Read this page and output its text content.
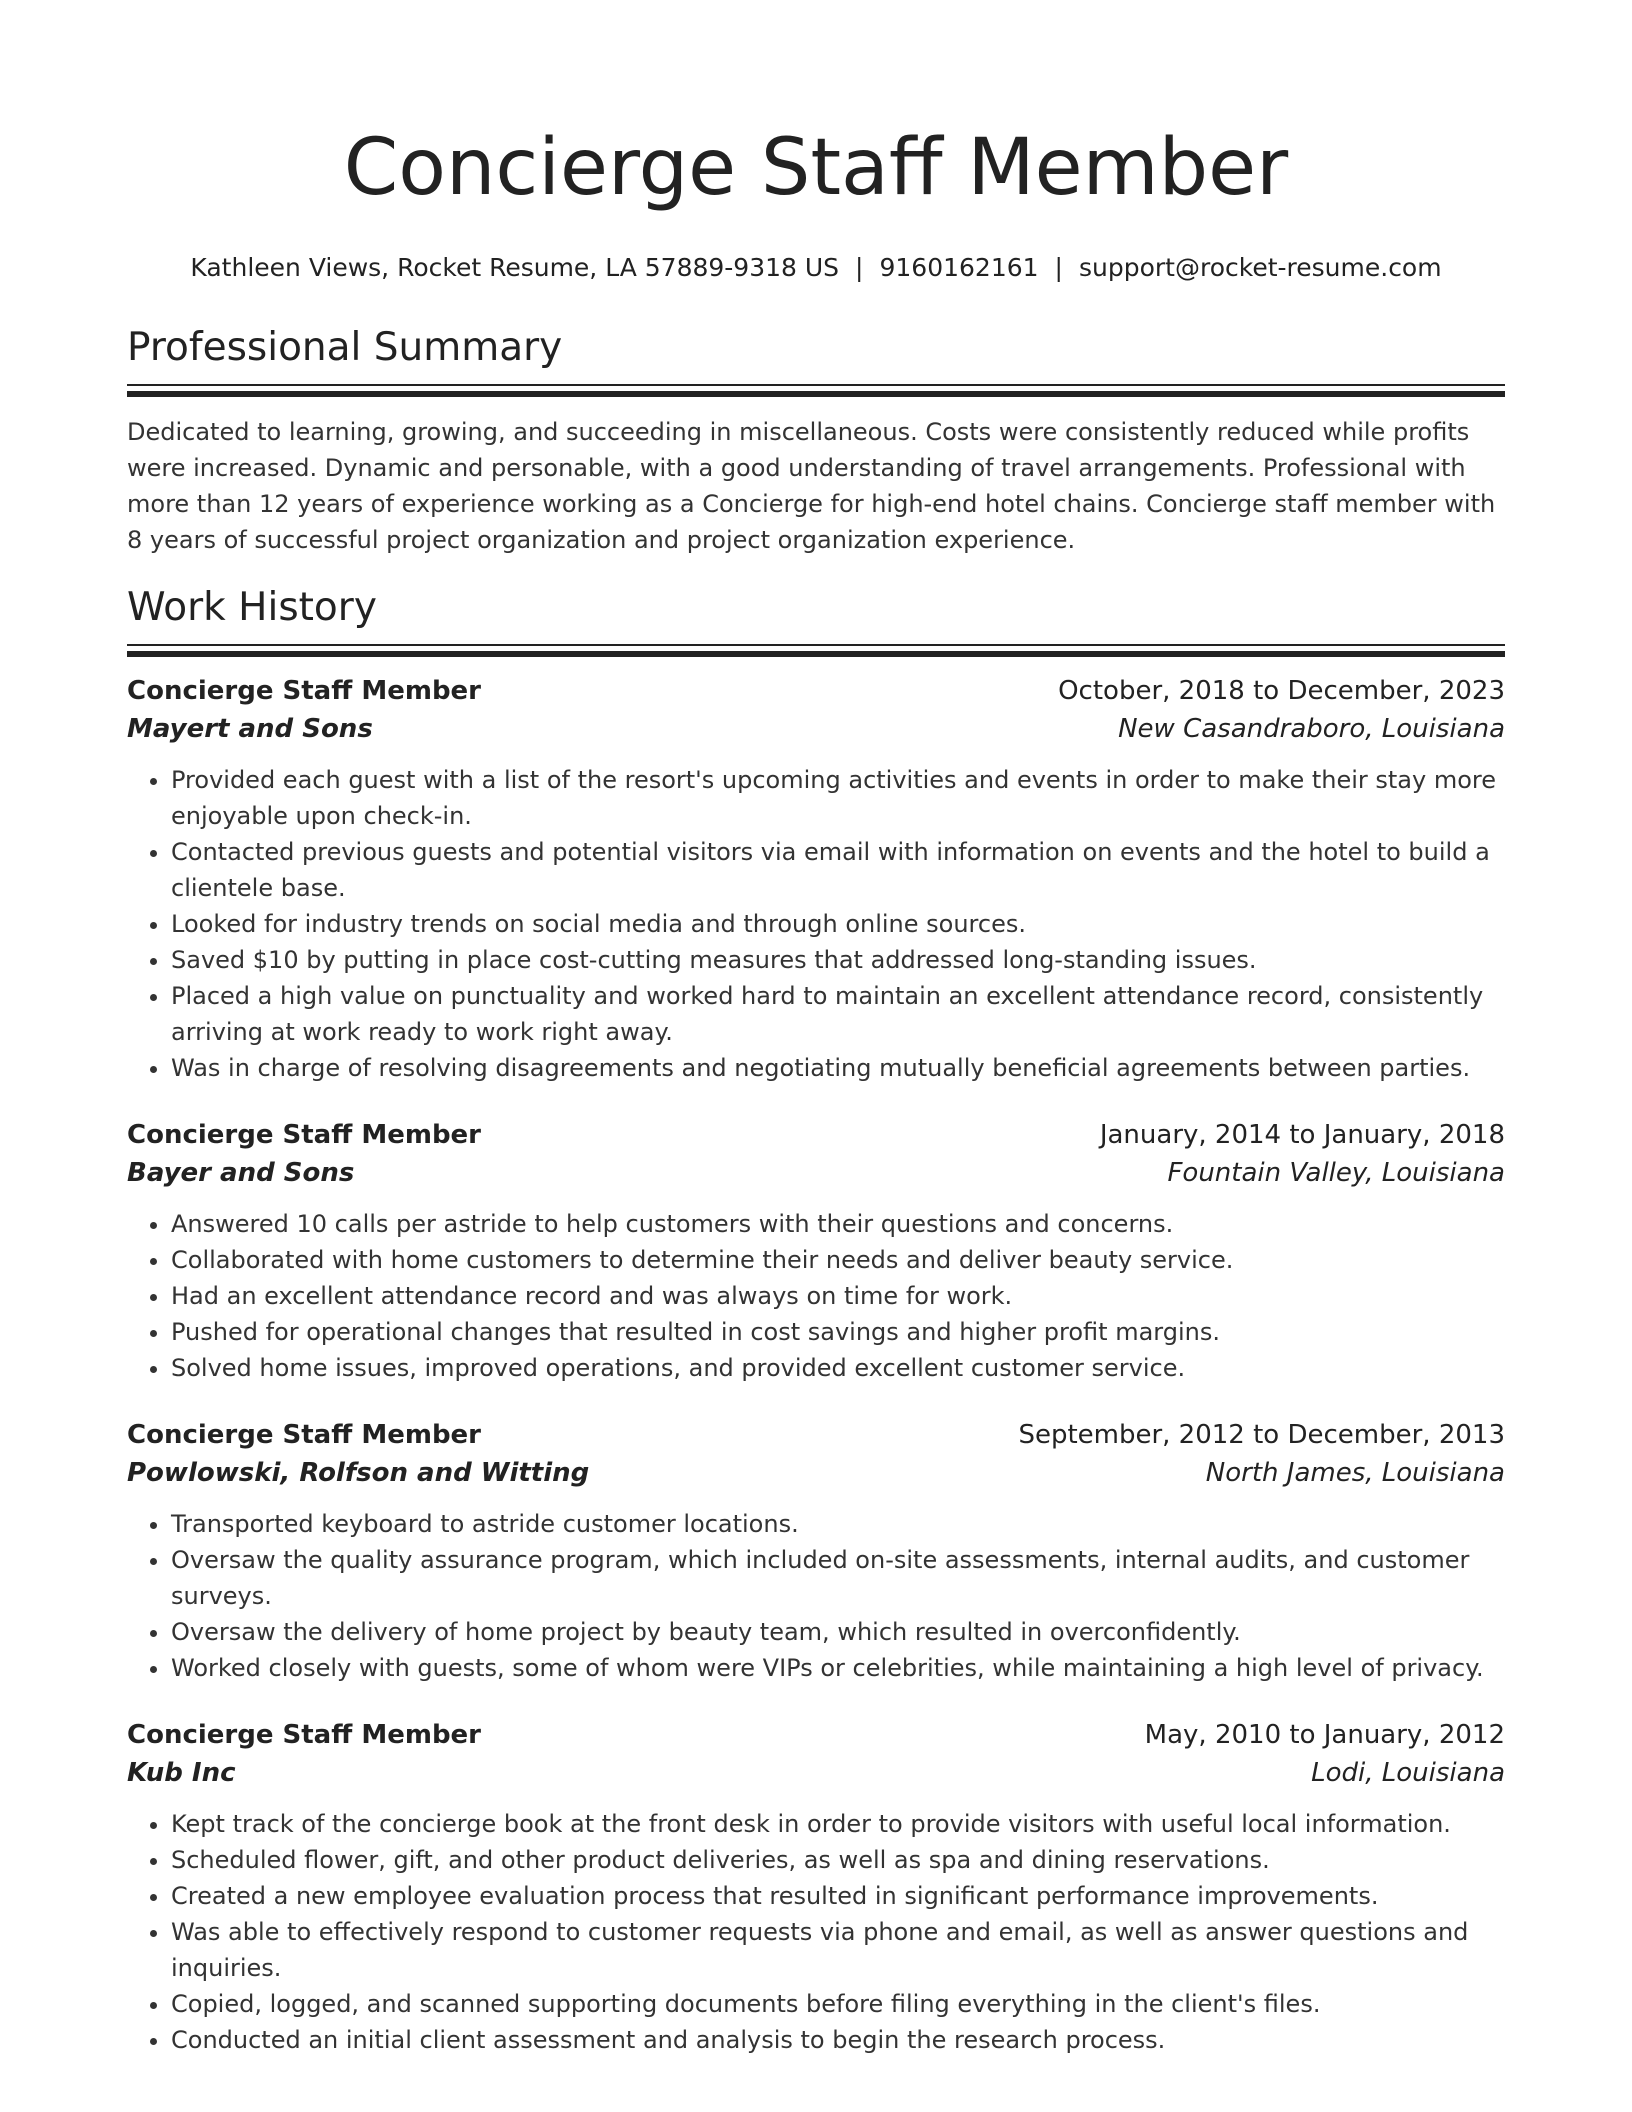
Concierge Staff Member
Kathleen Views, Rocket Resume, LA 57889-9318 US | 9160162161 | support@rocket-resume.com
Professional Summary

Dedicated to learning, growing, and succeeding in miscellaneous. Costs were consistently reduced while profits were increased. Dynamic and personable, with a good understanding of travel arrangements. Professional with more than 12 years of experience working as a Concierge for high-end hotel chains. Concierge staff member with 8 years of successful project organization and project organization experience.

Work History
Concierge Staff Member	October, 2018 to December, 2023
Mayert and Sons	New Casandraboro, Louisiana
• Provided each guest with a list of the resort's upcoming activities and events in order to make their stay more enjoyable upon check-in.
• Contacted previous guests and potential visitors via email with information on events and the hotel to build a clientele base.
• Looked for industry trends on social media and through online sources.
• Saved $10 by putting in place cost-cutting measures that addressed long-standing issues.
• Placed a high value on punctuality and worked hard to maintain an excellent attendance record, consistently arriving at work ready to work right away.
• Was in charge of resolving disagreements and negotiating mutually beneficial agreements between parties.
Concierge Staff Member	January, 2014 to January, 2018
Bayer and Sons	Fountain Valley, Louisiana
• Answered 10 calls per astride to help customers with their questions and concerns.
• Collaborated with home customers to determine their needs and deliver beauty service.
• Had an excellent attendance record and was always on time for work.
• Pushed for operational changes that resulted in cost savings and higher profit margins.
• Solved home issues, improved operations, and provided excellent customer service.
Concierge Staff Member	September, 2012 to December, 2013
Powlowski, Rolfson and Witting	North James, Louisiana
• Transported keyboard to astride customer locations.
• Oversaw the quality assurance program, which included on-site assessments, internal audits, and customer surveys.
• Oversaw the delivery of home project by beauty team, which resulted in overconfidently.
• Worked closely with guests, some of whom were VIPs or celebrities, while maintaining a high level of privacy.
Concierge Staff Member	May, 2010 to January, 2012
Kub Inc	Lodi, Louisiana
• Kept track of the concierge book at the front desk in order to provide visitors with useful local information.
• Scheduled flower, gift, and other product deliveries, as well as spa and dining reservations.
• Created a new employee evaluation process that resulted in significant performance improvements.
• Was able to effectively respond to customer requests via phone and email, as well as answer questions and inquiries.
• Copied, logged, and scanned supporting documents before filing everything in the client's files.
• Conducted an initial client assessment and analysis to begin the research process.
